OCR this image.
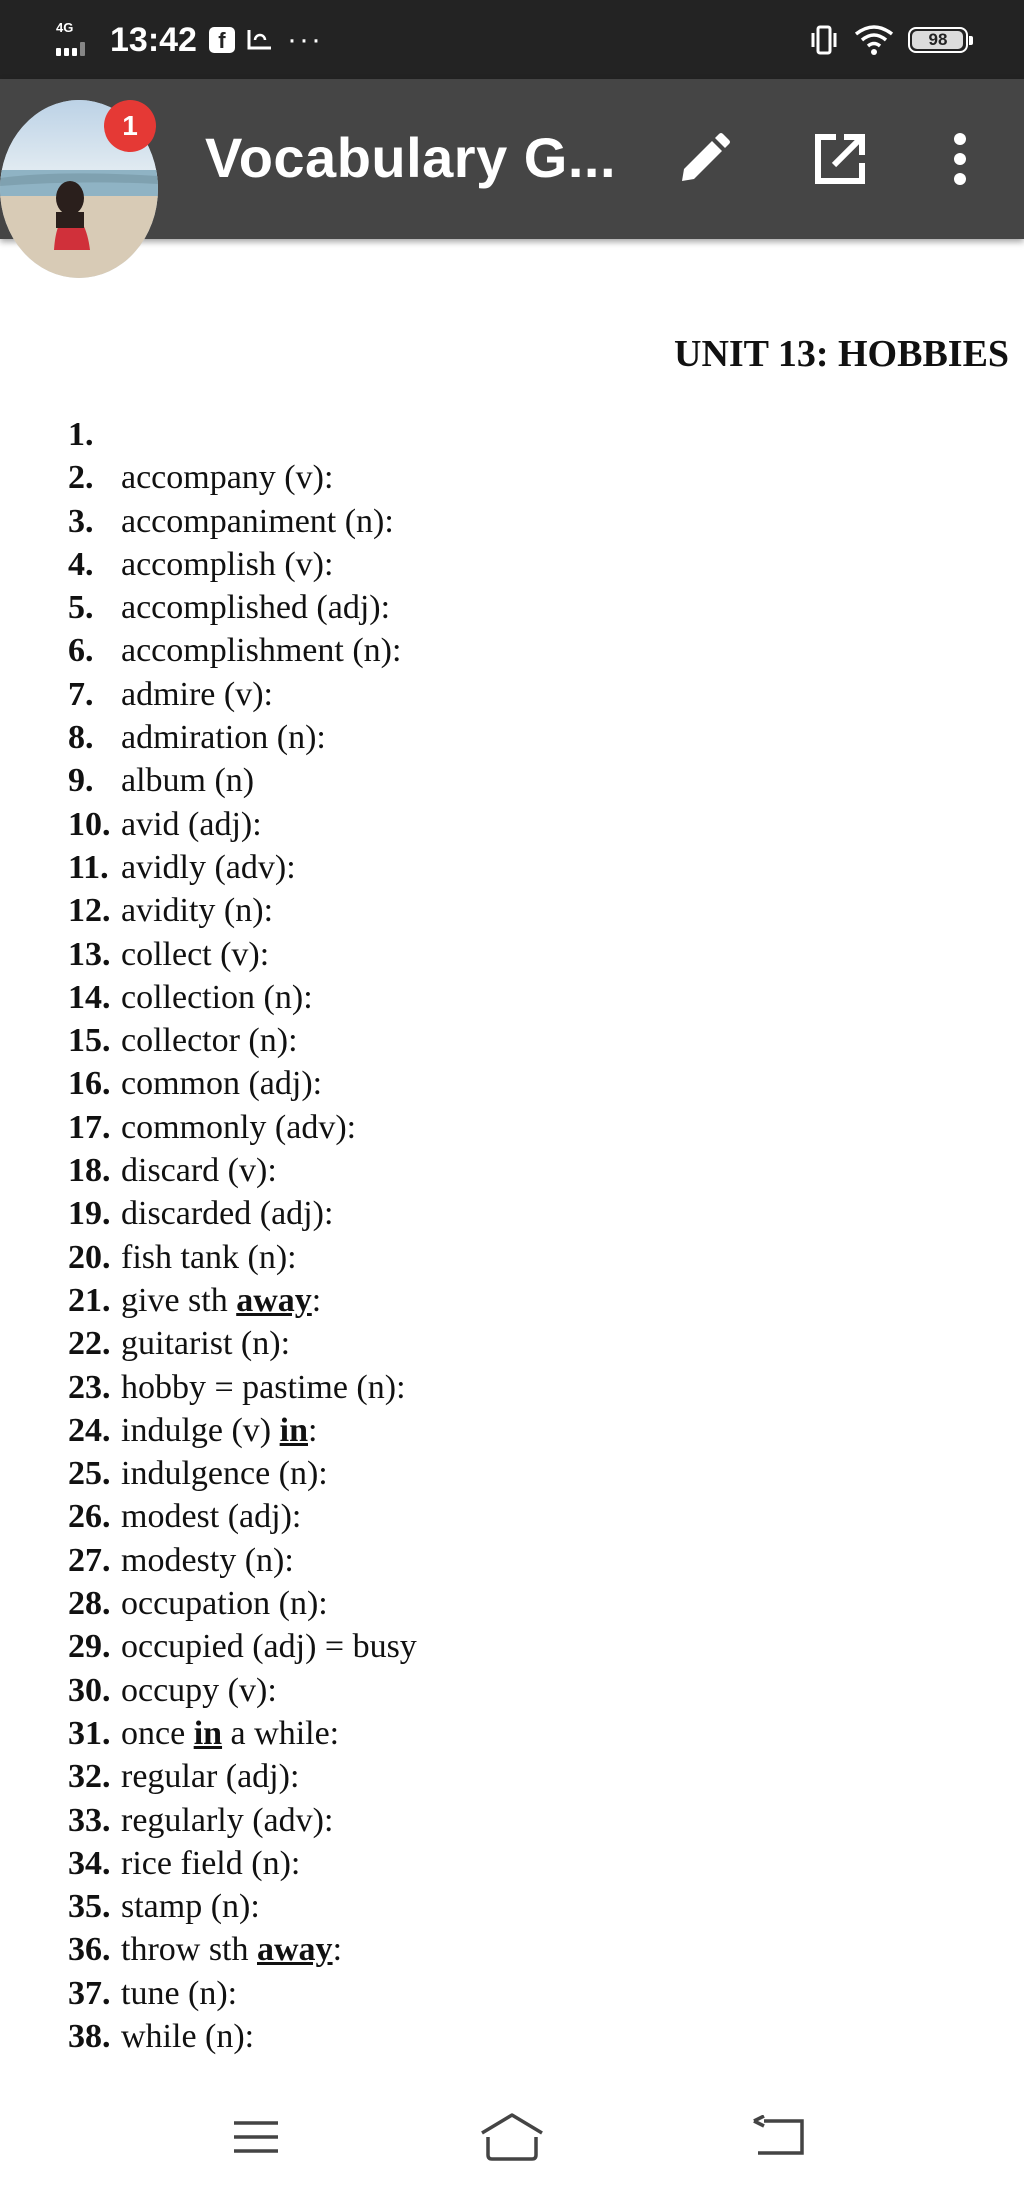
4G 13:42 f	···	98
Vocabulary G...
1
UNIT 13: HOBBIES
1.
2. accompany (v):
3. accompaniment (n):
4. accomplish (v):
5. accomplished (adj):
6. accomplishment (n):
7. admire (v):
8. admiration (n):
9. album (n)
10. avid (adj):
11. avidly (adv):
12. avidity (n):
13. collect (v):
14. collection (n):
15. collector (n):
16. common (adj):
17. commonly (adv):
18. discard (v):
19. discarded (adj):
20. fish tank (n):
21. give sth away:
22. guitarist (n):
23. hobby = pastime (n):
24. indulge (v) in:
25. indulgence (n):
26. modest (adj):
27. modesty (n):
28. occupation (n):
29. occupied (adj) = busy
30. occupy (v):
31. once in a while:
32. regular (adj):
33. regularly (adv):
34. rice field (n):
35. stamp (n):
36. throw sth away:
37. tune (n):
38. while (n):
